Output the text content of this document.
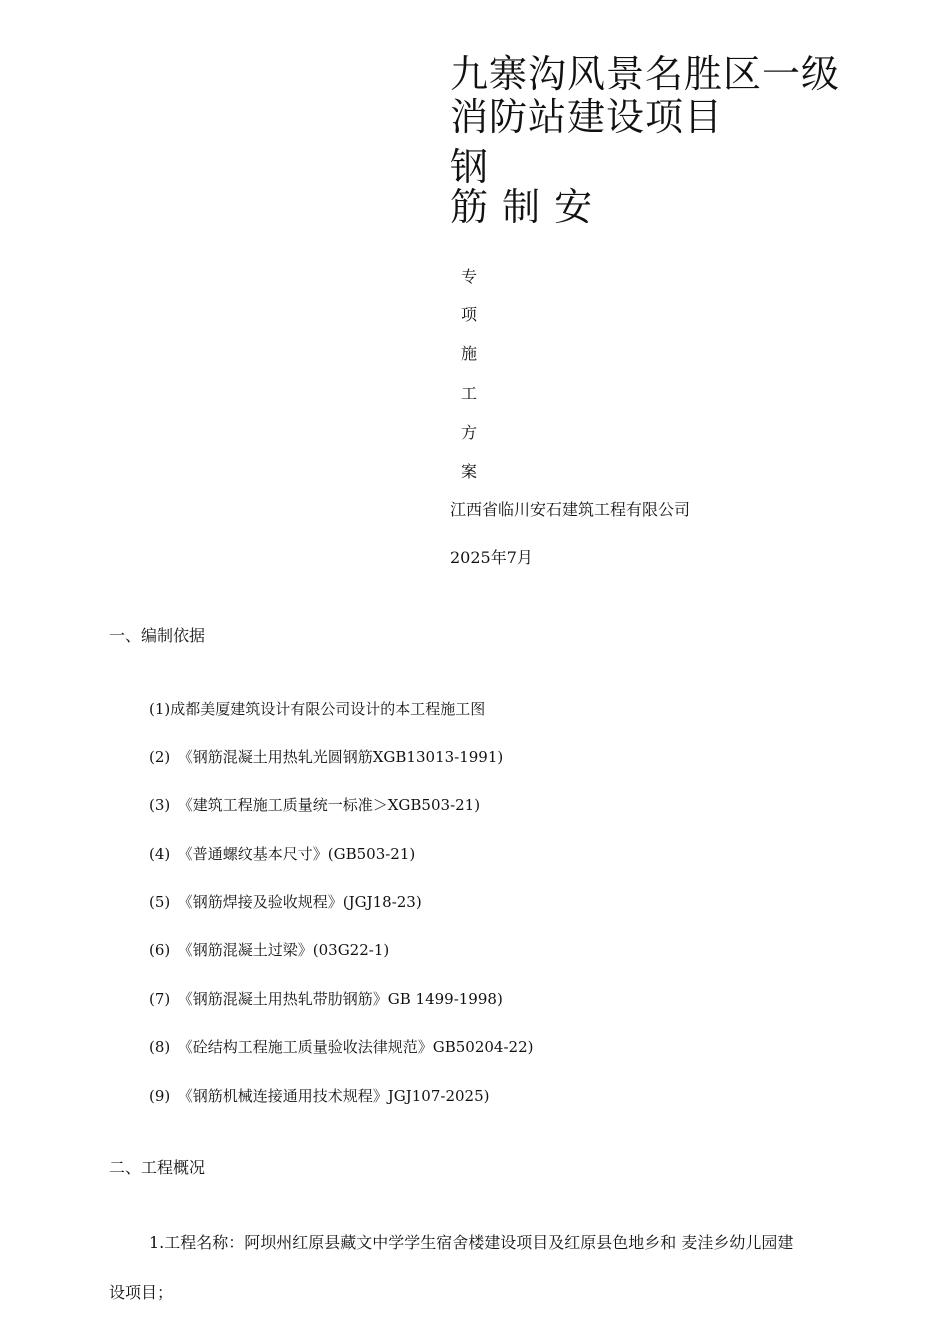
九寨沟风景名胜区一级
消防站建设项目
钢
筋 制 安
专
项
施
工
方
案
江西省临川安石建筑工程有限公司
2025年7月
一、编制依据
(1)成都美厦建筑设计有限公司设计的本工程施工图
(2)　《钢筋混凝土用热轧光圆钢筋XGB13013-1991)
(3)　《建筑工程施工质量统一标准＞XGB503-21)
(4)　《普通螺纹基本尺寸》(GB503-21)
(5)　《钢筋焊接及验收规程》(JGJ18-23)
(6)　《钢筋混凝土过梁》(03G22-1)
(7)　《钢筋混凝土用热轧带肋钢筋》GB 1499-1998)
(8)　《砼结构工程施工质量验收法律规范》GB50204-22)
(9)　《钢筋机械连接通用技术规程》JGJ107-2025)
二、工程概况
1.工程名称：阿坝州红原县藏文中学学生宿舍楼建设项目及红原县色地乡和 麦洼乡幼儿园建
设项目；
